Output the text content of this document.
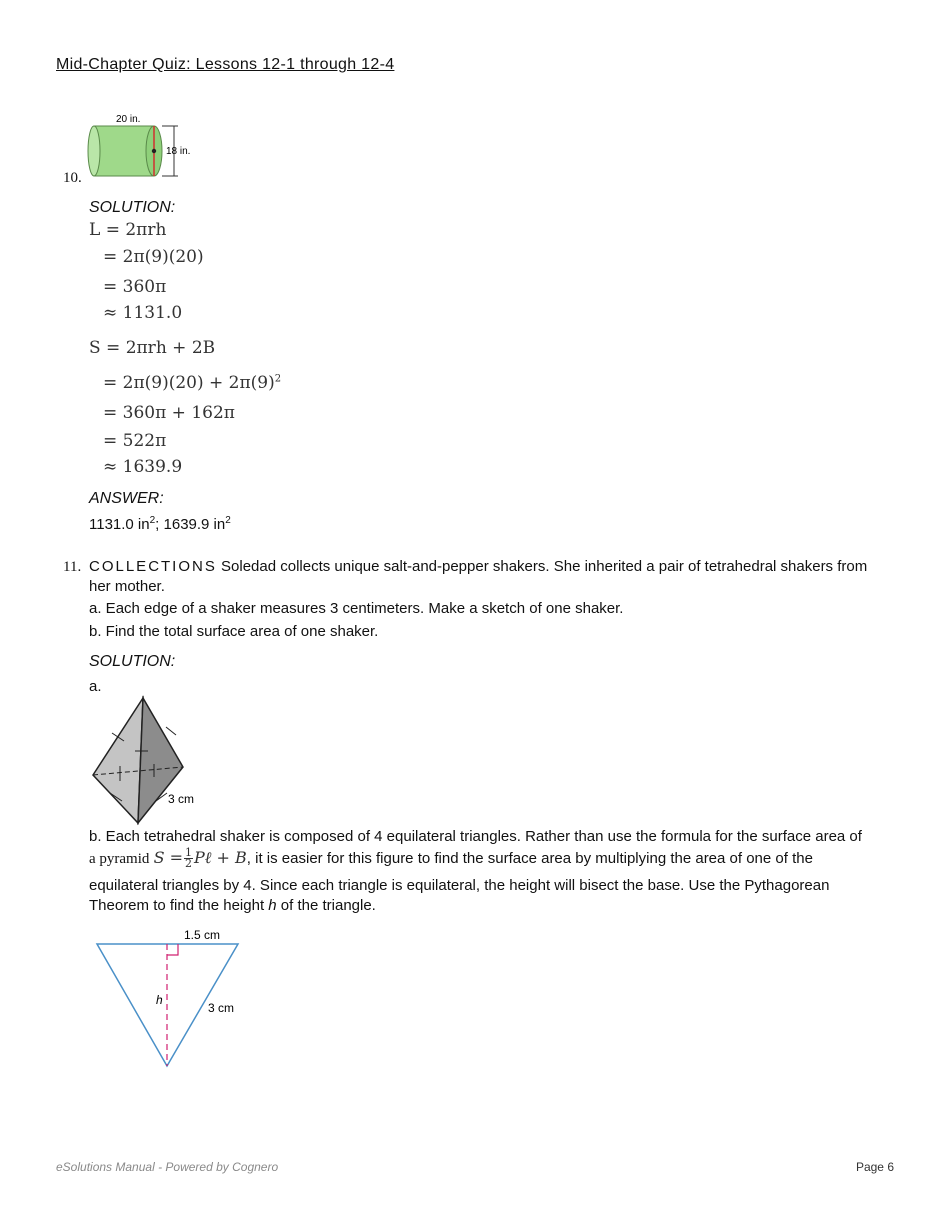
Mid-Chapter Quiz: Lessons 12-1 through 12-4
10.
20 in.
18 in.
SOLUTION:
L = 2πrh
= 2π(9)(20)
= 360π
≈ 1131.0
S = 2πrh + 2B
= $2\pi(9)(20) + 2\pi(9)^2$
= 360π + 162π
= 522π
≈ 1639.9
ANSWER:
1131.0 $in^2$; 1639.9 $in^2$
11. COLLECTIONS Soledad collects unique salt-and-pepper shakers. She inherited a pair of tetrahedral shakers from her mother.
a. Each edge of a shaker measures 3 centimeters. Make a sketch of one shaker.
b. Find the total surface area of one shaker.
SOLUTION:
a.
3 cm
b. Each tetrahedral shaker is composed of 4 equilateral triangles. Rather than use the formula for the surface area of
a pyramid $S = \frac{1}{2}$ Pℓ + B, it is easier for this figure to find the surface area by multiplying the area of one of the
equilateral triangles by 4. Since each triangle is equilateral, the height will bisect the base. Use the Pythagorean
Theorem to find the height h of the triangle.
1.5 cm
h
3 cm
eSolutions Manual - Powered by Cognero	Page 6
